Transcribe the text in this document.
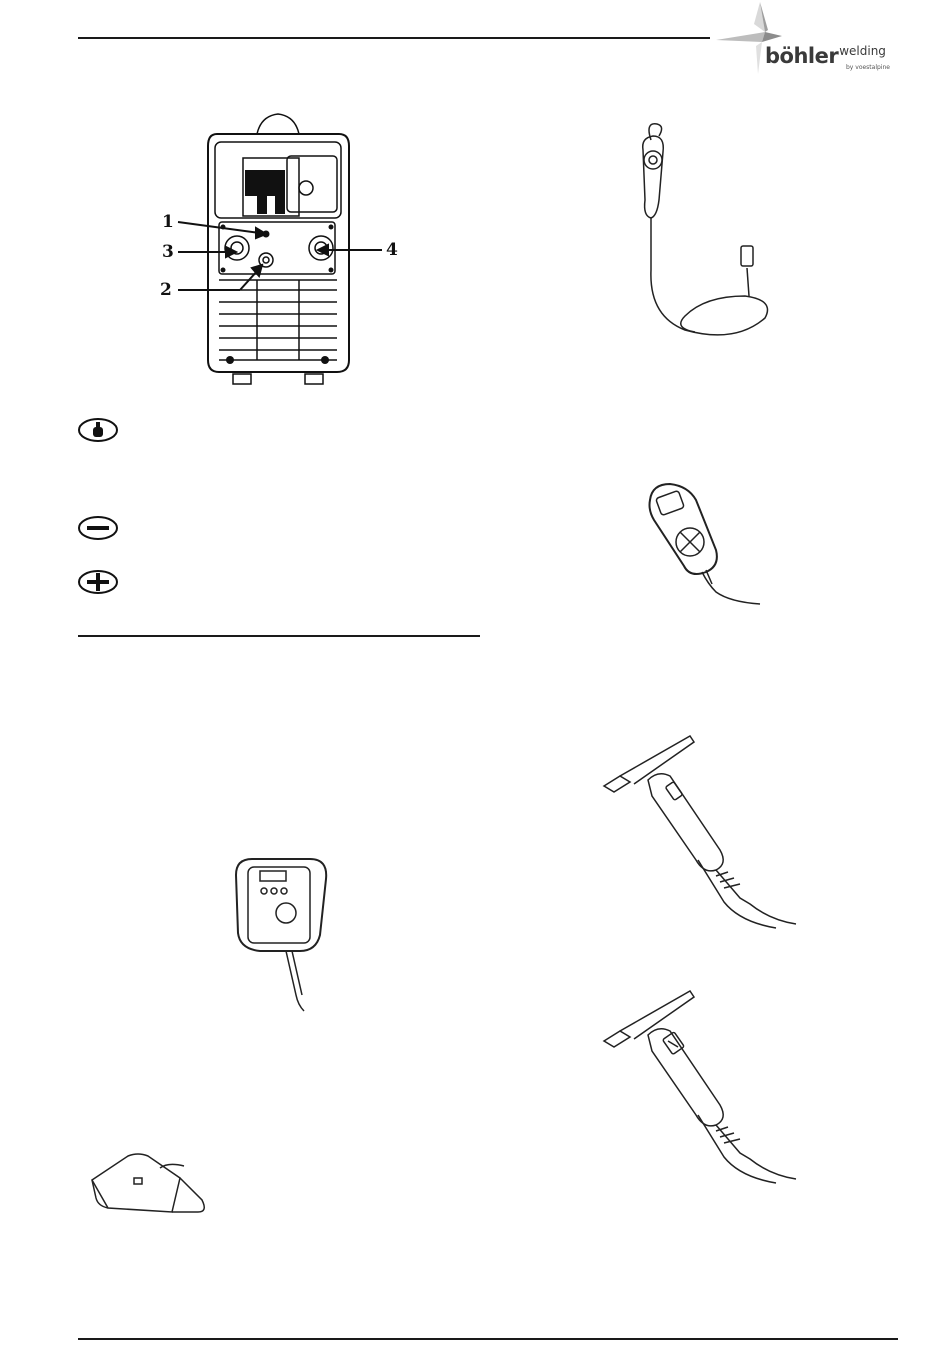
böhler$^{welding}$
by voestalpine
1
3
2
4
